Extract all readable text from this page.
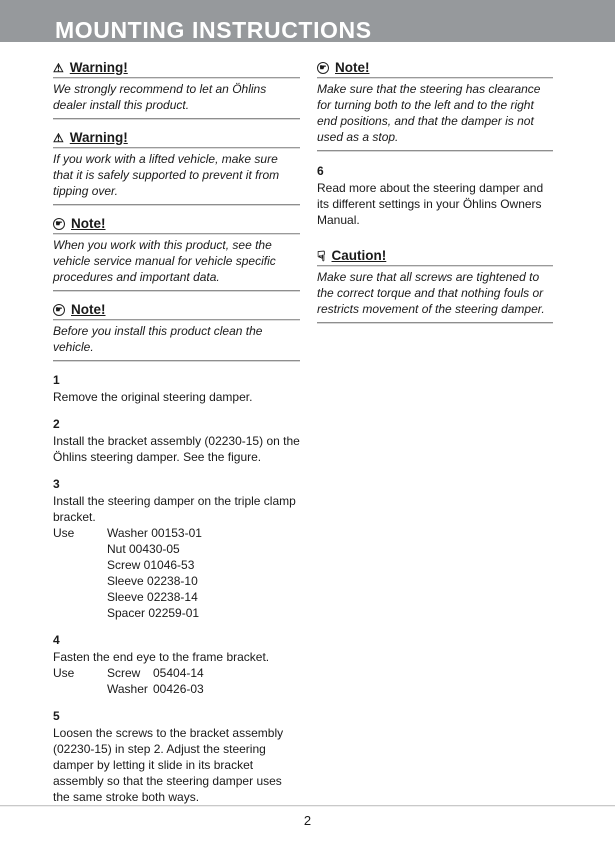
MOUNTING INSTRUCTIONS
⚠ Warning!
We strongly recommend to let an Öhlins dealer install this product.
⚠ Warning!
If you work with a lifted vehicle, make sure that it is safely supported to prevent it from tipping over.
☛ Note!
When you work with this product, see the vehicle service manual for vehicle specific procedures and important data.
☛ Note!
Before you install this product clean the vehicle.
1
Remove the original steering damper.
2
Install the bracket assembly (02230-15) on the Öhlins steering damper. See the figure.
3
Install the steering damper on the triple clamp bracket.
Use	Washer 00153-01
Nut 00430-05
Screw 01046-53
Sleeve 02238-10
Sleeve 02238-14
Spacer 02259-01
4
Fasten the end eye to the frame bracket.
Use	Screw 05404-14
Washer 00426-03
5
Loosen the screws to the bracket assembly (02230-15) in step 2. Adjust the steering damper by letting it slide in its bracket assembly so that the steering damper uses the same stroke both ways.
☛ Note!
Make sure that the steering has clearance for turning both to the left and to the right end positions, and that the damper is not used as a stop.
6
Read more about the steering damper and its different settings in your Öhlins Owners Manual.
☟ Caution!
Make sure that all screws are tightened to the correct torque and that nothing fouls or restricts movement of the steering damper.
2
